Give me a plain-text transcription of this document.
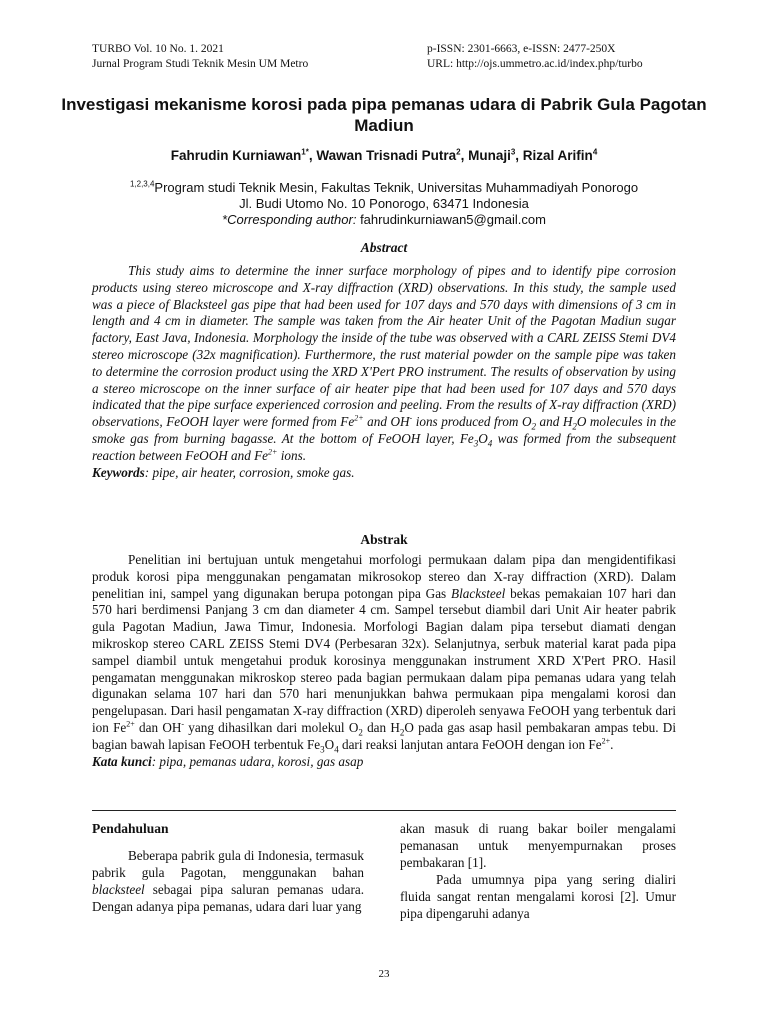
TURBO Vol. 10 No. 1. 2021
Jurnal Program Studi Teknik Mesin UM Metro
p-ISSN: 2301-6663, e-ISSN: 2477-250X
URL: http://ojs.ummetro.ac.id/index.php/turbo
Investigasi mekanisme korosi pada pipa pemanas udara di Pabrik Gula Pagotan Madiun
Fahrudin Kurniawan$^{1*}$, Wawan Trisnadi Putra$^2$, Munaji$^3$, Rizal Arifin$^4$
$^{1,2,3,4}$Program studi Teknik Mesin, Fakultas Teknik, Universitas Muhammadiyah Ponorogo
Jl. Budi Utomo No. 10 Ponorogo, 63471 Indonesia
*Corresponding author: fahrudinkurniawan5@gmail.com
Abstract
This study aims to determine the inner surface morphology of pipes and to identify pipe corrosion products using stereo microscope and X-ray diffraction (XRD) observations. In this study, the sample used was a piece of Blacksteel gas pipe that had been used for 107 days and 570 days with dimensions of 3 cm in length and 4 cm in diameter. The sample was taken from the Air heater Unit of the Pagotan Madiun sugar factory, East Java, Indonesia. Morphology the inside of the tube was observed with a CARL ZEISS Stemi DV4 stereo microscope (32x magnification). Furthermore, the rust material powder on the sample pipe was taken to determine the corrosion product using the XRD X'Pert PRO instrument. The results of observation by using a stereo microscope on the inner surface of air heater pipe that had been used for 107 days and 570 days indicated that the pipe surface experienced corrosion and peeling. From the results of X-ray diffraction (XRD) observations, FeOOH layer were formed from $Fe^{2+}$ and OH- ions produced from $O_2$ and $H_2O$ molecules in the smoke gas from burning bagasse. At the bottom of FeOOH layer, $Fe_3O_4$ was formed from the subsequent reaction between FeOOH and $Fe^{2+}$ ions.
Keywords: pipe, air heater, corrosion, smoke gas.
Abstrak
Penelitian ini bertujuan untuk mengetahui morfologi permukaan dalam pipa dan mengidentifikasi produk korosi pipa menggunakan pengamatan mikrosokop stereo dan X-ray diffraction (XRD). Dalam penelitian ini, sampel yang digunakan berupa potongan pipa Gas Blacksteel bekas pemakaian 107 hari dan 570 hari berdimensi Panjang 3 cm dan diameter 4 cm. Sampel tersebut diambil dari Unit Air heater pabrik gula Pagotan Madiun, Jawa Timur, Indonesia. Morfologi Bagian dalam pipa tersebut diamati dengan mikroskop stereo CARL ZEISS Stemi DV4 (Perbesaran 32x). Selanjutnya, serbuk material karat pada pipa sampel diambil untuk mengetahui produk korosinya menggunakan instrument XRD X'Pert PRO. Hasil pengamatan menggunakan mikroskop stereo pada bagian permukaan dalam pipa pemanas udara yang telah digunakan selama 107 hari dan 570 hari menunjukkan bahwa permukaan pipa mengalami korosi dan pengelupasan. Dari hasil pengamatan X-ray diffraction (XRD) diperoleh senyawa FeOOH yang terbentuk dari ion $Fe^{2+}$ dan OH- yang dihasilkan dari molekul $O_2$ dan $H_2O$ pada gas asap hasil pembakaran ampas tebu. Di bagian bawah lapisan FeOOH terbentuk $Fe_3O_4$ dari reaksi lanjutan antara FeOOH dengan ion $Fe^{2+}$.
Kata kunci: pipa, pemanas udara, korosi, gas asap
Pendahuluan

Beberapa pabrik gula di Indonesia, termasuk pabrik gula Pagotan, menggunakan bahan blacksteel sebagai pipa saluran pemanas udara. Dengan adanya pipa pemanas, udara dari luar yang

akan masuk di ruang bakar boiler mengalami pemanasan untuk menyempurnakan proses pembakaran [1].

Pada umumnya pipa yang sering dialiri fluida sangat rentan mengalami korosi [2]. Umur pipa dipengaruhi adanya

23
